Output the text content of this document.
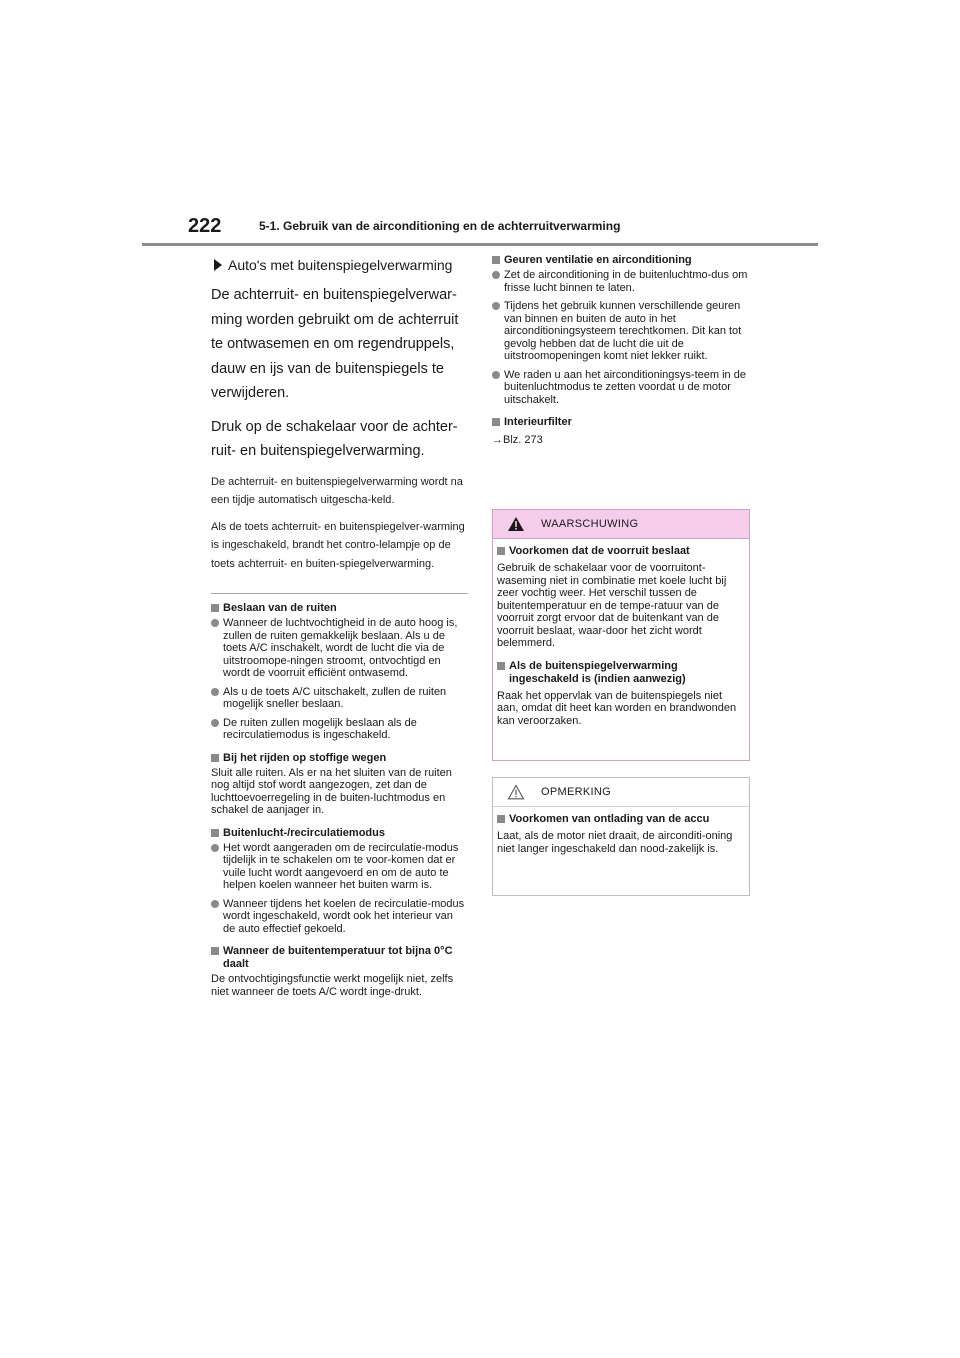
222	5-1. Gebruik van de airconditioning en de achterruitverwarming
Auto's met buitenspiegelverwarming

De achterruit- en buitenspiegelverwar-ming worden gebruikt om de achterruit te ontwasemen en om regendruppels, dauw en ijs van de buitenspiegels te verwijderen.

Druk op de schakelaar voor de achter-ruit- en buitenspiegelverwarming.

De achterruit- en buitenspiegelverwarming wordt na een tijdje automatisch uitgescha-keld.

Als de toets achterruit- en buitenspiegelver-warming is ingeschakeld, brandt het contro-lelampje op de toets achterruit- en buiten-spiegelverwarming.

Beslaan van de ruiten
Wanneer de luchtvochtigheid in de auto hoog is, zullen de ruiten gemakkelijk beslaan. Als u de toets A/C inschakelt, wordt de lucht die via de uitstroomope-ningen stroomt, ontvochtigd en wordt de voorruit efficiënt ontwasemd.
Als u de toets A/C uitschakelt, zullen de ruiten mogelijk sneller beslaan.
De ruiten zullen mogelijk beslaan als de recirculatiemodus is ingeschakeld.
Bij het rijden op stoffige wegen
Sluit alle ruiten. Als er na het sluiten van de ruiten nog altijd stof wordt aangezogen, zet dan de luchttoevoerregeling in de buiten-luchtmodus en schakel de aanjager in.
Buitenlucht-/recirculatiemodus
Het wordt aangeraden om de recirculatie-modus tijdelijk in te schakelen om te voor-komen dat er vuile lucht wordt aangevoerd en om de auto te helpen koelen wanneer het buiten warm is.
Wanneer tijdens het koelen de recirculatie-modus wordt ingeschakeld, wordt ook het interieur van de auto effectief gekoeld.
Wanneer de buitentemperatuur tot bijna 0°C daalt
De ontvochtigingsfunctie werkt mogelijk niet, zelfs niet wanneer de toets A/C wordt inge-drukt.
Geuren ventilatie en airconditioning
Zet de airconditioning in de buitenluchtmo-dus om frisse lucht binnen te laten.
Tijdens het gebruik kunnen verschillende geuren van binnen en buiten de auto in het airconditioningsysteem terechtkomen. Dit kan tot gevolg hebben dat de lucht die uit de uitstroomopeningen komt niet lekker ruikt.
We raden u aan het airconditioningsys-teem in de buitenluchtmodus te zetten voordat u de motor uitschakelt.
Interieurfilter
→Blz. 273
WAARSCHUWING
Voorkomen dat de voorruit beslaat
Gebruik de schakelaar voor de voorruitont-waseming niet in combinatie met koele lucht bij zeer vochtig weer. Het verschil tussen de buitentemperatuur en de tempe-ratuur van de voorruit zorgt ervoor dat de buitenkant van de voorruit beslaat, waar-door het zicht wordt belemmerd.
Als de buitenspiegelverwarming ingeschakeld is (indien aanwezig)
Raak het oppervlak van de buitenspiegels niet aan, omdat dit heet kan worden en brandwonden kan veroorzaken.
OPMERKING
Voorkomen van ontlading van de accu
Laat, als de motor niet draait, de airconditi-oning niet langer ingeschakeld dan nood-zakelijk is.
